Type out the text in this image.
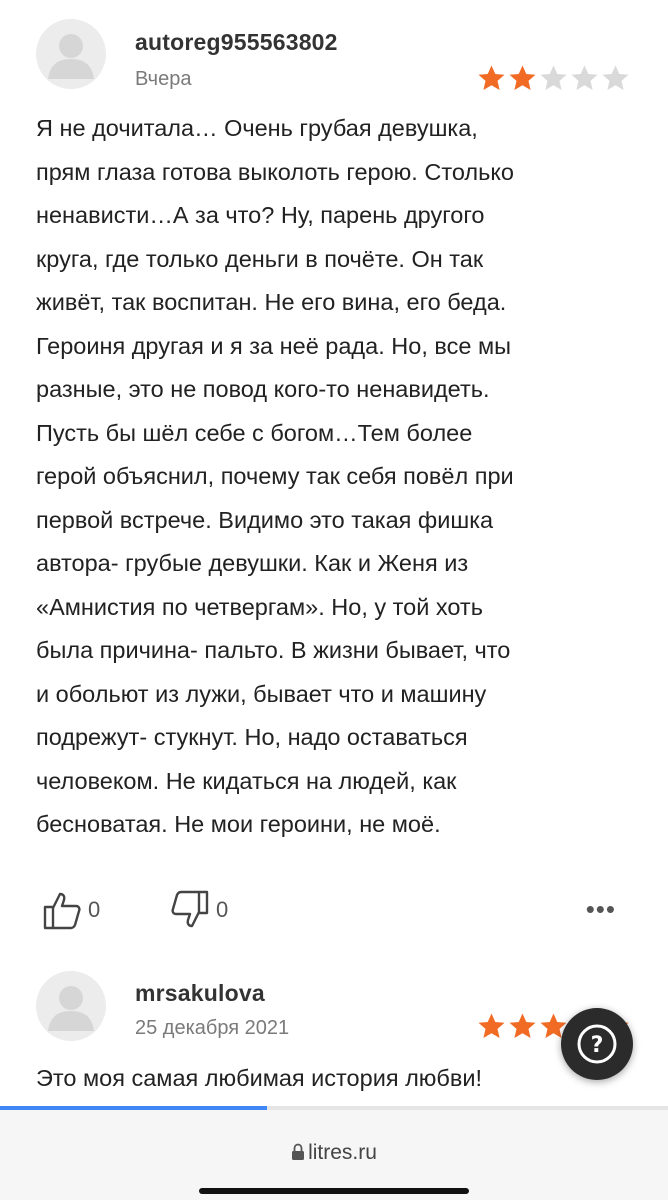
autoreg955563802
Вчера
Я не дочитала… Очень грубая девушка,
прям глаза готова выколоть герою. Столько
ненависти…А за что? Ну, парень другого
круга, где только деньги в почёте. Он так
живёт, так воспитан. Не его вина, его беда.
Героиня другая и я за неё рада. Но, все мы
разные, это не повод кого-то ненавидеть.
Пусть бы шёл себе с богом…Тем более
герой объяснил, почему так себя повёл при
первой встрече. Видимо это такая фишка
автора- грубые девушки. Как и Женя из
«Амнистия по четвергам». Но, у той хоть
была причина- пальто. В жизни бывает, что
и обольют из лужи, бывает что и машину
подрежут- стукнут. Но, надо оставаться
человеком. Не кидаться на людей, как
бесноватая. Не мои героини, не моё.
0	0	•••
mrsakulova
25 декабря 2021
Это моя самая любимая история любви!
?
litres.ru
